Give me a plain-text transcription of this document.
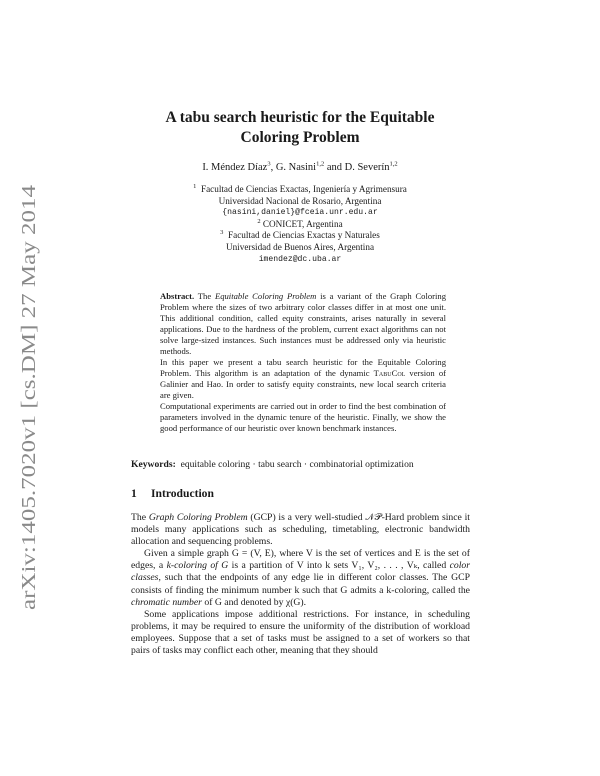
arXiv:1405.7020v1 [cs.DM] 27 May 2014
A tabu search heuristic for the Equitable
Coloring Problem
I. Méndez Díaz$^3$, G. Nasini$^{1,2}$ and D. Severín$^{1,2}$
$^1$ Facultad de Ciencias Exactas, Ingeniería y Agrimensura
Universidad Nacional de Rosario, Argentina
{nasini,daniel}@fceia.unr.edu.ar
$^2$ CONICET, Argentina
$^3$ Facultad de Ciencias Exactas y Naturales
Universidad de Buenos Aires, Argentina
imendez@dc.uba.ar

Abstract. The Equitable Coloring Problem is a variant of the Graph Coloring Problem where the sizes of two arbitrary color classes differ in at most one unit. This additional condition, called equity constraints, arises naturally in several applications. Due to the hardness of the problem, current exact algorithms can not solve large-sized instances. Such instances must be addressed only via heuristic methods.

In this paper we present a tabu search heuristic for the Equitable Coloring Problem. This algorithm is an adaptation of the dynamic TabuCol version of Galinier and Hao. In order to satisfy equity constraints, new local search criteria are given.

Computational experiments are carried out in order to find the best combination of parameters involved in the dynamic tenure of the heuristic. Finally, we show the good performance of our heuristic over known benchmark instances.

Keywords: equitable coloring · tabu search · combinatorial optimization
1 Introduction

The Graph Coloring Problem (GCP) is a very well-studied 𝒩𝒫-Hard problem since it models many applications such as scheduling, timetabling, electronic bandwidth allocation and sequencing problems.

Given a simple graph G = (V, E), where V is the set of vertices and E is the set of edges, a k-coloring of G is a partition of V into k sets V₁, V₂, . . . , Vₖ, called color classes, such that the endpoints of any edge lie in different color classes. The GCP consists of finding the minimum number k such that G admits a k-coloring, called the chromatic number of G and denoted by χ(G).

Some applications impose additional restrictions. For instance, in scheduling problems, it may be required to ensure the uniformity of the distribution of workload employees. Suppose that a set of tasks must be assigned to a set of workers so that pairs of tasks may conflict each other, meaning that they should
